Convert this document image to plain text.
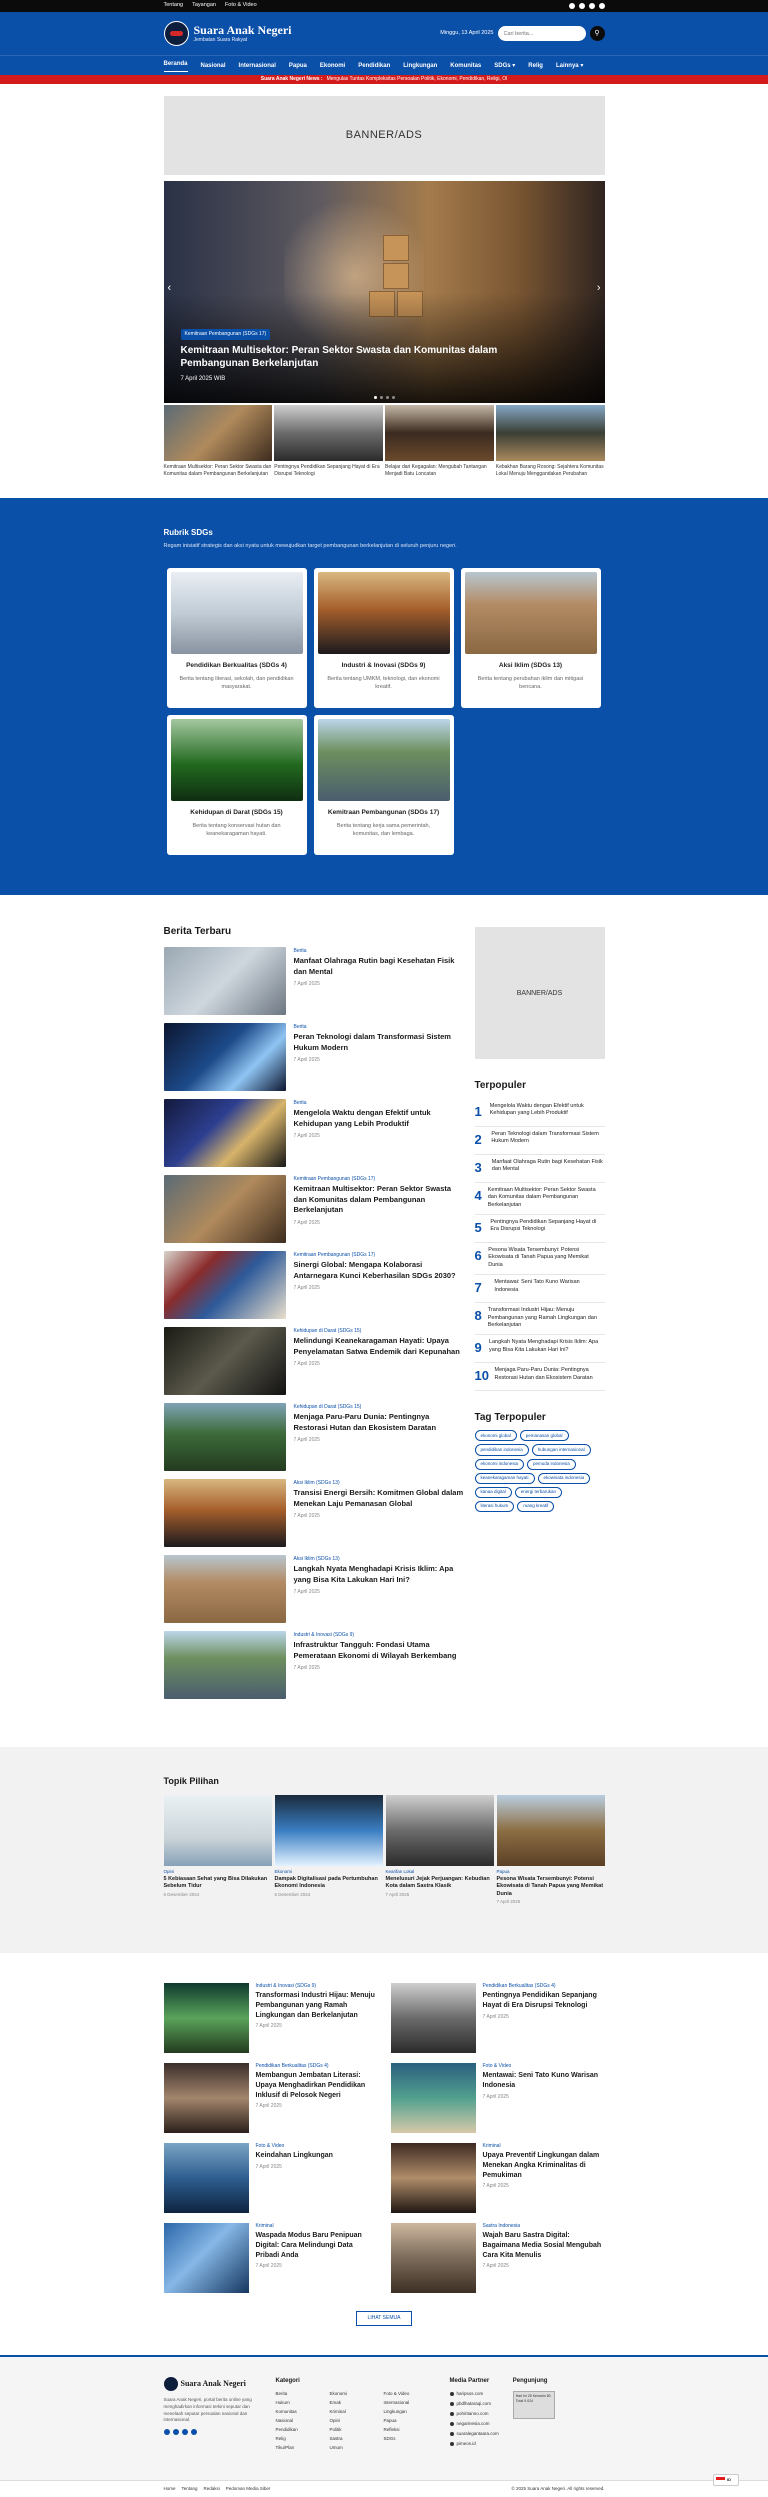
Tentang Tayangan Foto & Video
Suara Anak Negeri
Jembatan Suara Rakyat
Minggu, 13 April 2025
Cari berita...	⚲
Beranda Nasional Internasional Papua Ekonomi Pendidikan Lingkungan Komunitas SDGs ▾ Relig Lainnya ▾
Suara Anak Negeri News : Mengulas Tuntas Kompleksitas Persoalan Politik, Ekonomi, Pendidikan, Religi, Ol
BANNER/ADS
‹	›
Kemitraan Pembangunan (SDGs 17)
Kemitraan Multisektor: Peran Sektor Swasta dan Komunitas dalam Pembangunan Berkelanjutan
7 April 2025 WIB

Kemitraan Multisektor: Peran Sektor Swasta dan Komunitas dalam Pembangunan Berkelanjutan

Pentingnya Pendidikan Sepanjang Hayat di Era Disrupsi Teknologi

Belajar dari Kegagalan: Mengubah Tantangan Menjadi Batu Loncatan

Kebakhan Barang Rosong: Sejahtera Komunitas Lokal Menuju Menggandakan Perubahan

Rubrik SDGs

Regam inisiatif strategis dan aksi nyata untuk mewujudkan target pembangunan berkelanjutan di seluruh penjuru negeri.

Pendidikan Berkualitas (SDGs 4)

Berita tentang literasi, sekolah, dan pendidikan masyarakat.

Industri & Inovasi (SDGs 9)

Berita tentang UMKM, teknologi, dan ekonomi kreatif.

Aksi Iklim (SDGs 13)

Berita tentang perubahan iklim dan mitigasi bencana.

Kehidupan di Darat (SDGs 15)

Berita tentang konservasi hutan dan keanekaragaman hayati.

Kemitraan Pembangunan (SDGs 17)

Berita tentang kerja sama pemerintah, komunitas, dan lembaga.

Berita Terbaru
Berita
Manfaat Olahraga Rutin bagi Kesehatan Fisik dan Mental
7 April 2025
Berita
Peran Teknologi dalam Transformasi Sistem Hukum Modern
7 April 2025
Berita
Mengelola Waktu dengan Efektif untuk Kehidupan yang Lebih Produktif
7 April 2025
Kemitraan Pembangunan (SDGs 17)
Kemitraan Multisektor: Peran Sektor Swasta dan Komunitas dalam Pembangunan Berkelanjutan
7 April 2025
Kemitraan Pembangunan (SDGs 17)
Sinergi Global: Mengapa Kolaborasi Antarnegara Kunci Keberhasilan SDGs 2030?
7 April 2025
Kehidupan di Darat (SDGs 15)
Melindungi Keanekaragaman Hayati: Upaya Penyelamatan Satwa Endemik dari Kepunahan
7 April 2025
Kehidupan di Darat (SDGs 15)
Menjaga Paru-Paru Dunia: Pentingnya Restorasi Hutan dan Ekosistem Daratan
7 April 2025
Aksi Iklim (SDGs 13)
Transisi Energi Bersih: Komitmen Global dalam Menekan Laju Pemanasan Global
7 April 2025
Aksi Iklim (SDGs 13)
Langkah Nyata Menghadapi Krisis Iklim: Apa yang Bisa Kita Lakukan Hari Ini?
7 April 2025
Industri & Inovasi (SDGs 9)
Infrastruktur Tangguh: Fondasi Utama Pemerataan Ekonomi di Wilayah Berkembang
7 April 2025
BANNER/ADS
Terpopuler
1	Mengelola Waktu dengan Efektif untuk Kehidupan yang Lebih Produktif

2	Peran Teknologi dalam Transformasi Sistem Hukum Modern

3	Manfaat Olahraga Rutin bagi Kesehatan Fisik dan Mental

4 Kemitraan Multisektor: Peran Sektor Swasta dan Komunitas dalam Pembangunan Berkelanjutan

5	Pentingnya Pendidikan Sepanjang Hayat di Era Disrupsi Teknologi

6 Pesona Wisata Tersembunyi: Potensi Ekowisata di Tanah Papua yang Memikat Dunia

7	Mentawai: Seni Tato Kuno Warisan Indonesia

8 Transformasi Industri Hijau: Menuju Pembangunan yang Ramah Lingkungan dan Berkelanjutan

9 Langkah Nyata Menghadapi Krisis Iklim: Apa yang Bisa Kita Lakukan Hari Ini?

10 Menjaga Paru-Paru Dunia: Pentingnya Restorasi Hutan dan Ekosistem Daratan

Tag Terpopuler
ekonomi global	pemanasan global
pendidikan indonesia	hubungan internasional
ekonomi indonesia	pemuda indonesia
keanekaragaman hayati	ekowisata indonesia
kanaa digital	energi terbarukan
literasi hukum	ruang kreatif
Topik Pilihan
Opini
5 Kebiasaan Sehat yang Bisa Dilakukan Sebelum Tidur
6 Desember 2024
Ekonomi
Dampak Digitalisasi pada Pertumbuhan Ekonomi Indonesia
6 Desember 2024
Kearifan Lokal
Menelusuri Jejak Perjuangan: Kebudian Kota dalam Sastra Klasik
7 April 2025
Papua
Pesona Wisata Tersembunyi: Potensi Ekowisata di Tanah Papua yang Memikat Dunia
7 April 2025
Industri & Inovasi (SDGs 9)
Transformasi Industri Hijau: Menuju Pembangunan yang Ramah Lingkungan dan Berkelanjutan
7 April 2025
Pendidikan Berkualitas (SDGs 4)
Pentingnya Pendidikan Sepanjang Hayat di Era Disrupsi Teknologi
7 April 2025
Pendidikan Berkualitas (SDGs 4)
Membangun Jembatan Literasi: Upaya Menghadirkan Pendidikan Inklusif di Pelosok Negeri
7 April 2025
Foto & Video
Mentawai: Seni Tato Kuno Warisan Indonesia
7 April 2025
Foto & Video
Keindahan Lingkungan
7 April 2025
Kriminal
Upaya Preventif Lingkungan dalam Menekan Angka Kriminalitas di Pemukiman
7 April 2025
Kriminal
Waspada Modus Baru Penipuan Digital: Cara Melindungi Data Pribadi Anda
7 April 2025
Sastra Indonesia
Wajah Baru Sastra Digital: Bagaimana Media Sosial Mengubah Cara Kita Menulis
7 April 2025
LIHAT SEMUA
Suara Anak Negeri

Suara Anak Negeri, portal berita online yang menghadirkan informasi terkini seputar dan menelaah seputar persoalan nasional dan internasional.

Kategori
Berita	Ekonomi	Foto & Video
Hukum	Emak	Internasional
Komunitas	Kriminal	Lingkungan
Nasional	Opini	Papua
Pendidikan	Politik	Refleksi
Relig	Sastra	SDGs
Tiku/Plan	Umum
Media Partner
haripsos.com
pbdlhataraqi.com
pohiritanno.com
negarinesia.com
suaralegantaara.com
pimeos.id
Pengunjung
Hari Ini 25 Kemarin 80 Total 9.024
Home Tentang Redaksi Pedoman Media Siber	© 2025 Suara Anak Negeri. All rights reserved.
ID
